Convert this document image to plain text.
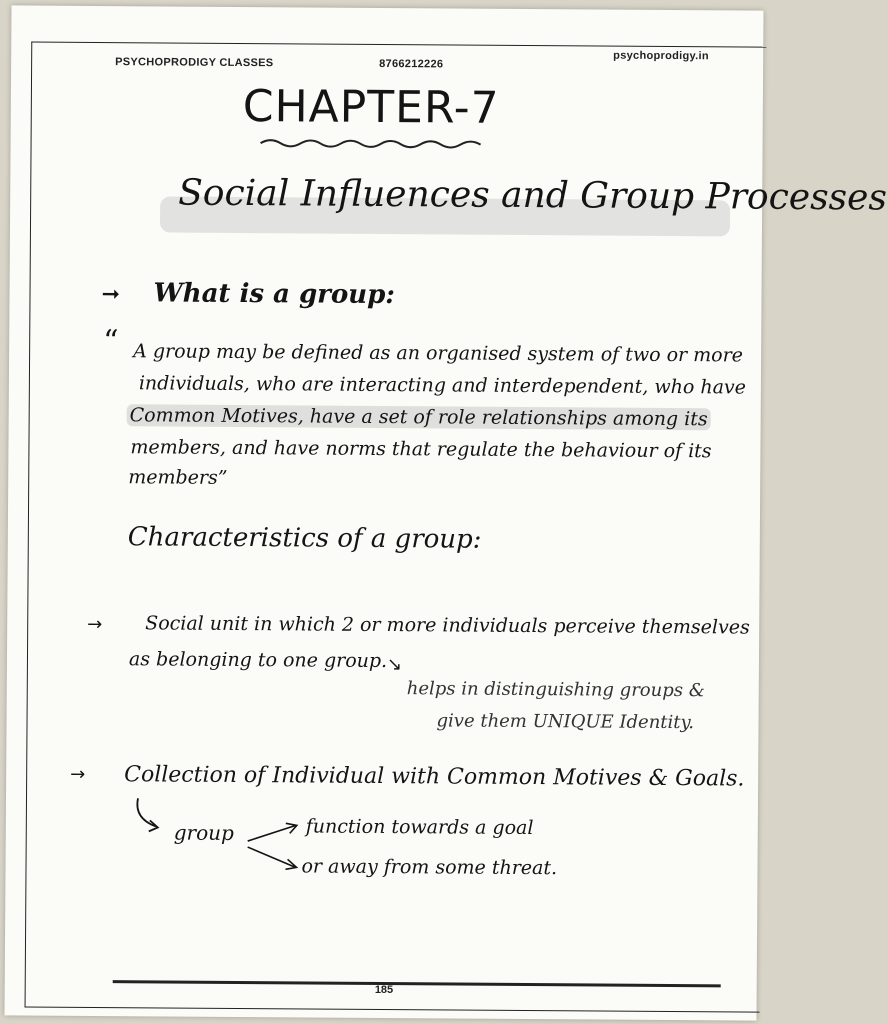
PSYCHOPRODIGY CLASSES	8766212226
psychoprodigy.in
CHAPTER-7
Social Influences and Group Processes
➞ What is a group:
“ A group may be defined as an organised system of two or more
individuals, who are interacting and interdependent, who have
Common Motives, have a set of role relationships among its
members, and have norms that regulate the behaviour of its
members”
Characteristics of a group:
→ Social unit in which 2 or more individuals perceive themselves
as belonging to one group. ↘
helps in distinguishing groups &
give them UNIQUE Identity.
→ Collection of Individual with Common Motives & Goals.
group	function towards a goal
or away from some threat.
185
